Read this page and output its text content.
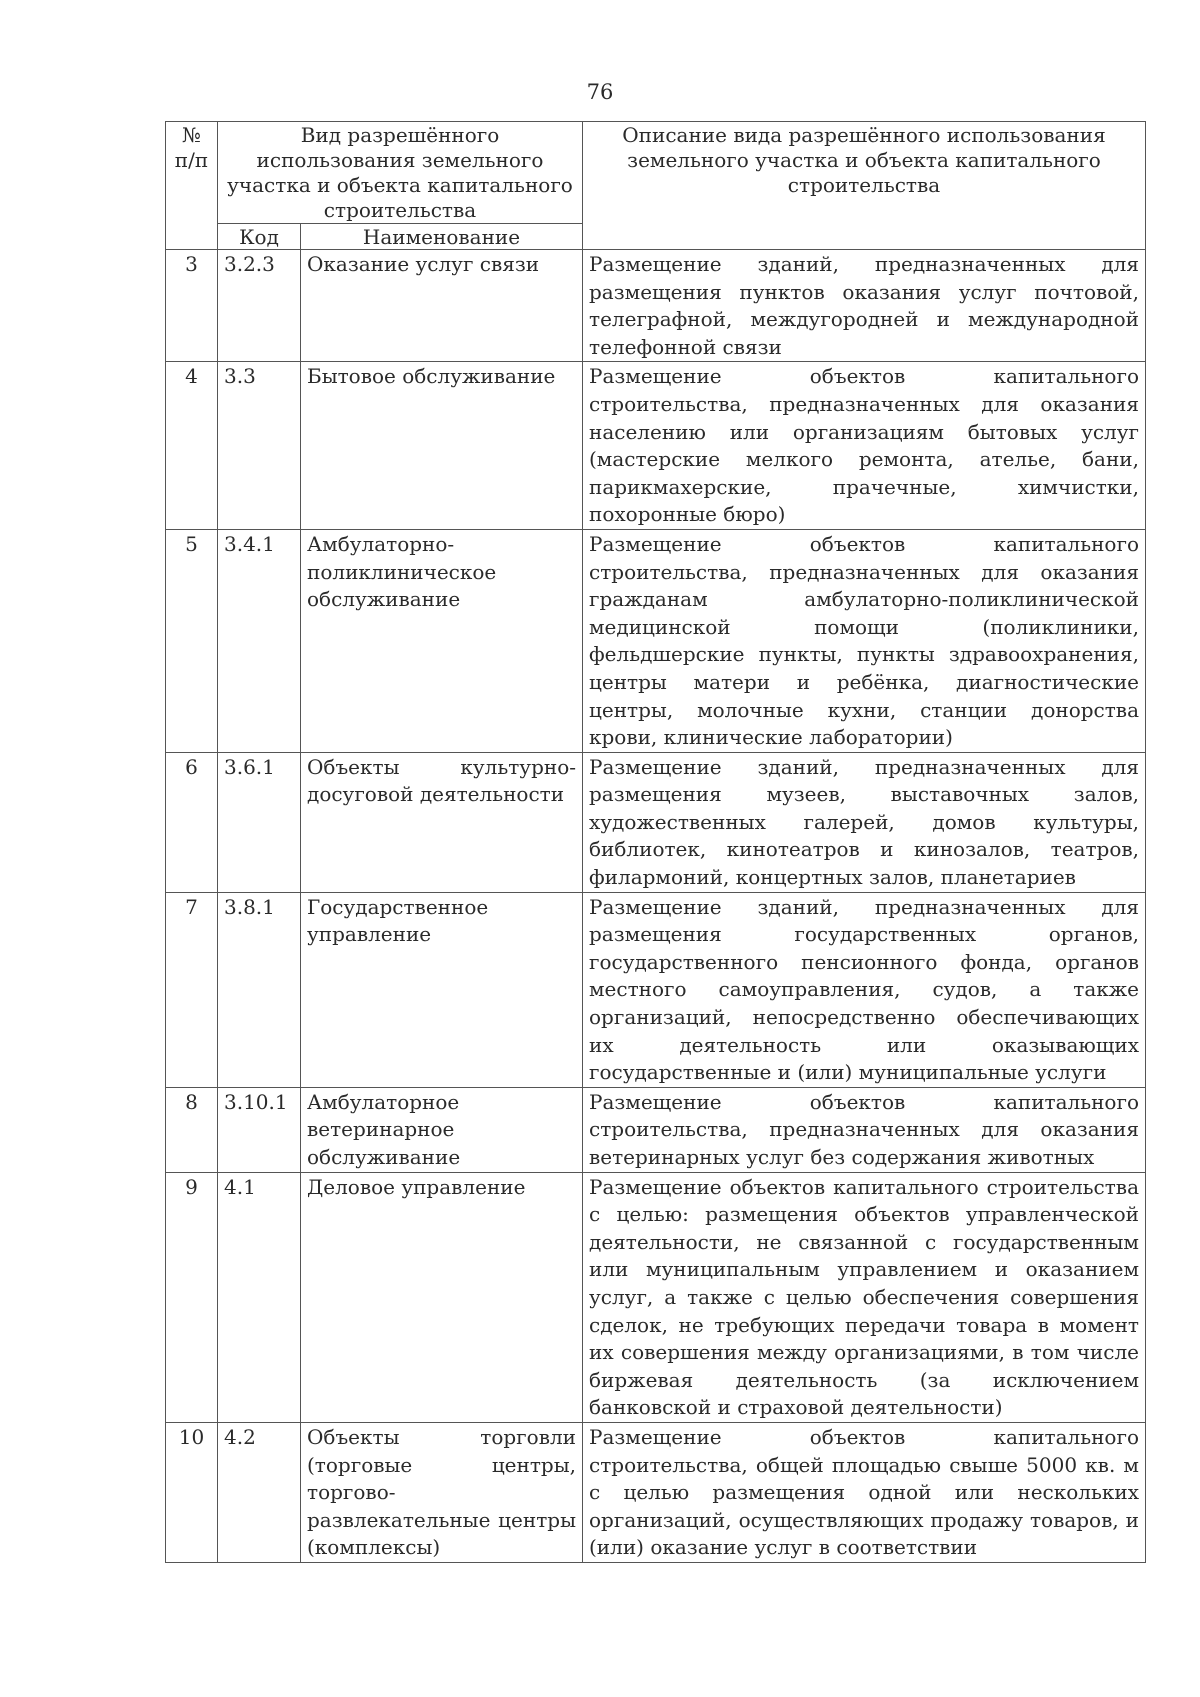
76
№ п/п	Вид разрешённого использования земельного участка и объекта капитального строительства		Описание вида разрешённого использования земельного участка и объекта капитального строительства
	Код	Наименование	
3	3.2.3	Оказание услуг связи	Размещение зданий, предназначенных для размещения пунктов оказания услуг почтовой, телеграфной, междугородней и международной телефонной связи
4	3.3	Бытовое обслуживание	Размещение объектов капитального строительства, предназначенных для оказания населению или организациям бытовых услуг (мастерские мелкого ремонта, ателье, бани, парикмахерские, прачечные, химчистки, похоронные бюро)
5	3.4.1	Амбулаторно-поликлиническое обслуживание	Размещение объектов капитального строительства, предназначенных для оказания гражданам амбулаторно-поликлинической медицинской помощи (поликлиники, фельдшерские пункты, пункты здравоохранения, центры матери и ребёнка, диагностические центры, молочные кухни, станции донорства крови, клинические лаборатории)
6	3.6.1	Объекты культурно-досуговой деятельности	Размещение зданий, предназначенных для размещения музеев, выставочных залов, художественных галерей, домов культуры, библиотек, кинотеатров и кинозалов, театров, филармоний, концертных залов, планетариев
7	3.8.1	Государственное управление	Размещение зданий, предназначенных для размещения государственных органов, государственного пенсионного фонда, органов местного самоуправления, судов, а также организаций, непосредственно обеспечивающих их деятельность или оказывающих государственные и (или) муниципальные услуги
8	3.10.1	Амбулаторное ветеринарное обслуживание	Размещение объектов капитального строительства, предназначенных для оказания ветеринарных услуг без содержания животных
9	4.1	Деловое управление	Размещение объектов капитального строительства с целью: размещения объектов управленческой деятельности, не связанной с государственным или муниципальным управлением и оказанием услуг, а также с целью обеспечения совершения сделок, не требующих передачи товара в момент их совершения между организациями, в том числе биржевая деятельность (за исключением банковской и страховой деятельности)
10	4.2	Объекты торговли (торговые центры, торгово-развлекательные центры (комплексы)	Размещение объектов капитального строительства, общей площадью свыше 5000 кв. м с целью размещения одной или нескольких организаций, осуществляющих продажу товаров, и (или) оказание услуг в соответствии
